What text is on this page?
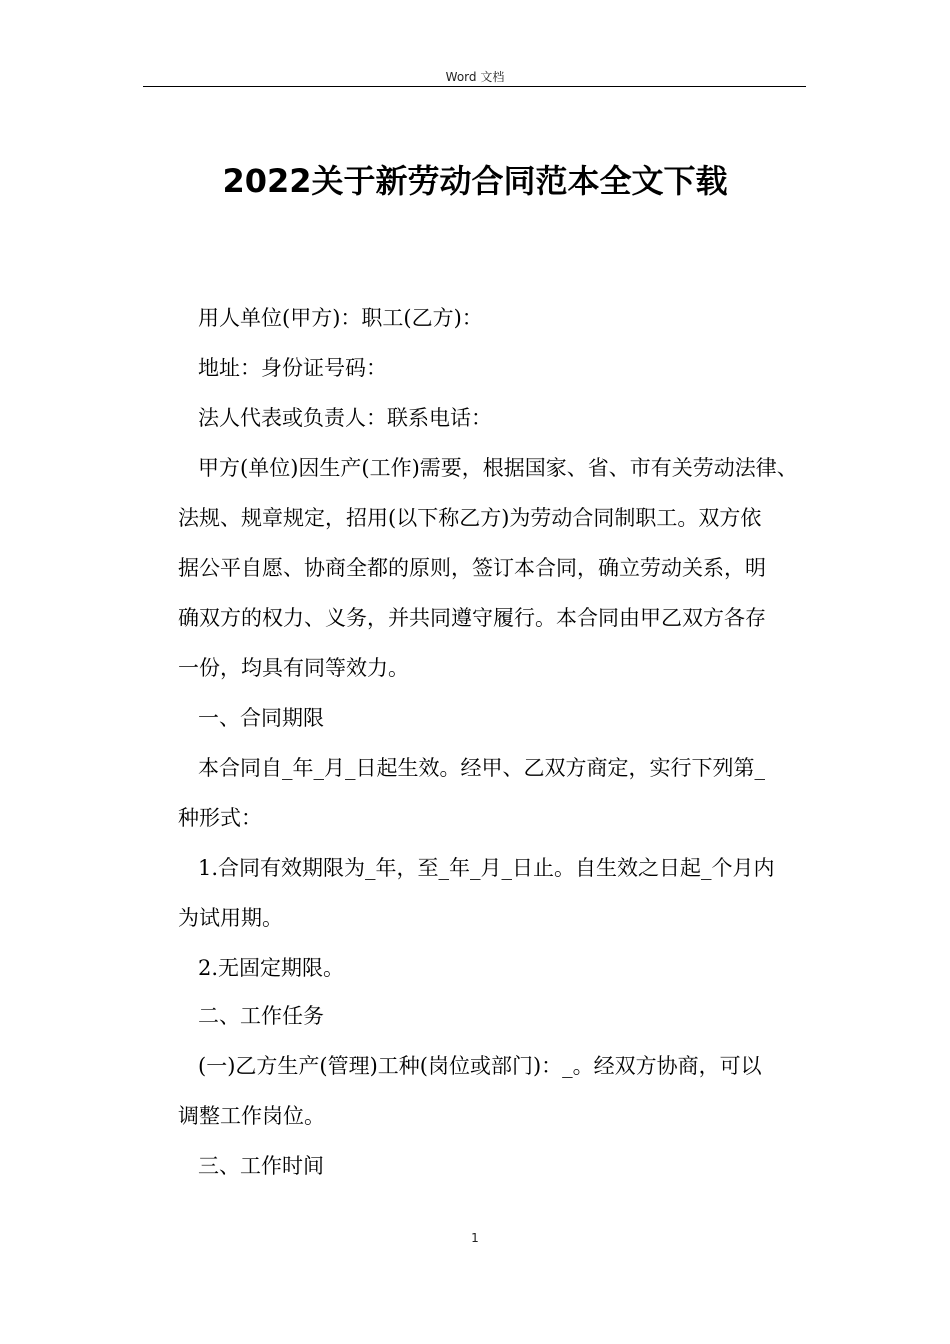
Word 文档
2022关于新劳动合同范本全文下载

用人单位(甲方)：职工(乙方)：

地址：身份证号码：

法人代表或负责人：联系电话：

甲方(单位)因生产(工作)需要，根据国家、省、市有关劳动法律、

法规、规章规定，招用(以下称乙方)为劳动合同制职工。双方依

据公平自愿、协商全都的原则，签订本合同，确立劳动关系，明

确双方的权力、义务，并共同遵守履行。本合同由甲乙双方各存

一份，均具有同等效力。

一、合同期限

本合同自_年_月_日起生效。经甲、乙双方商定，实行下列第_

种形式：

1.合同有效期限为_年，至_年_月_日止。自生效之日起_个月内

为试用期。

2.无固定期限。

二、工作任务

(一)乙方生产(管理)工种(岗位或部门)：_。经双方协商，可以

调整工作岗位。

三、工作时间

1
